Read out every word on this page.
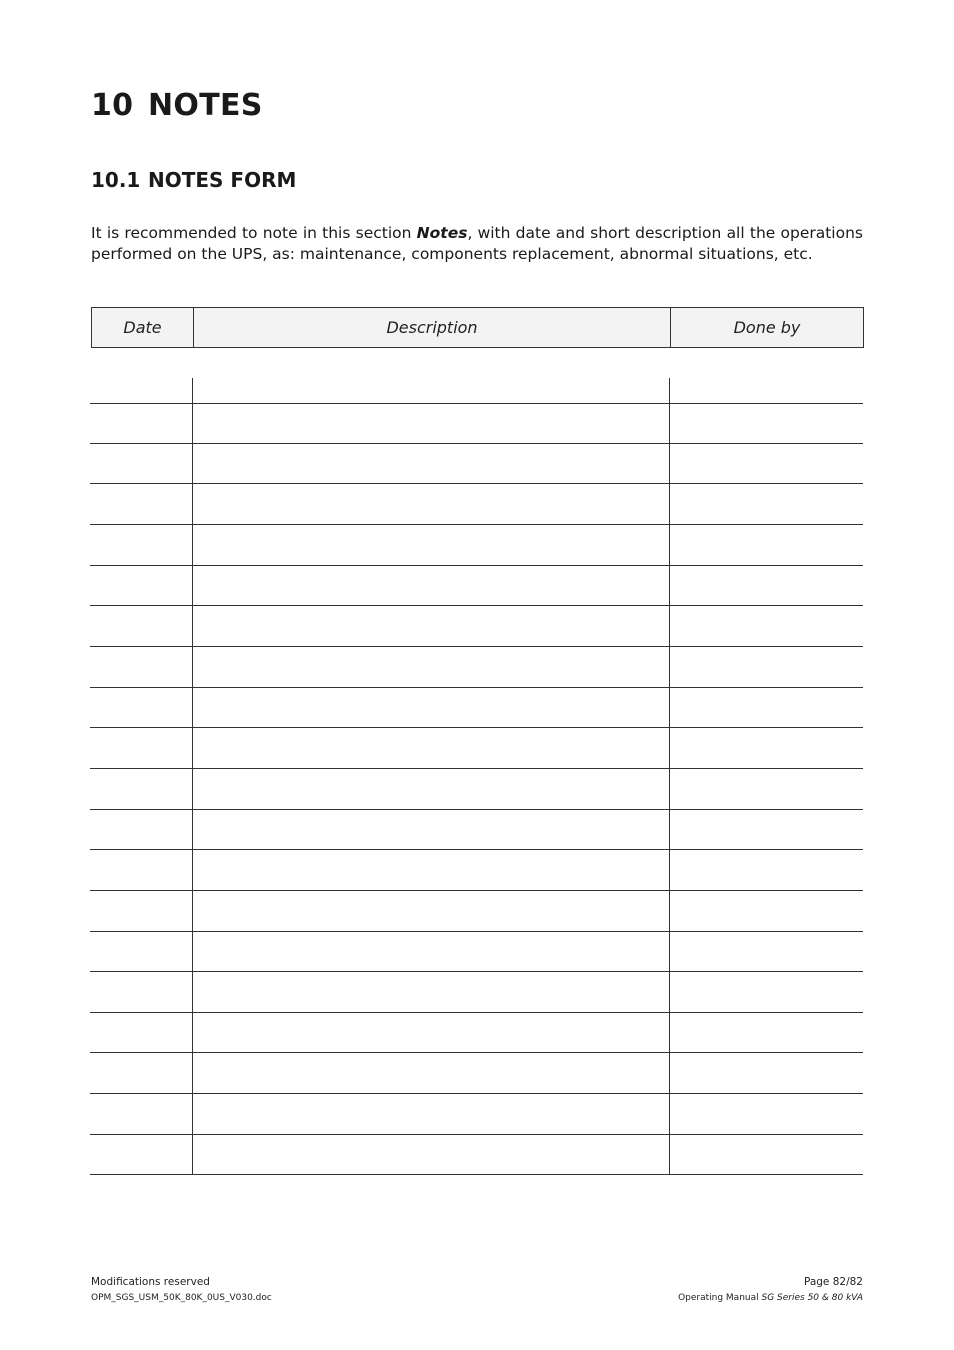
10 NOTES
10.1 NOTES FORM

It is recommended to note in this section Notes, with date and short description all the operations performed on the UPS, as: maintenance, components replacement, abnormal situations, etc.

Date	Description	Done by
Modifications reserved
OPM_SGS_USM_50K_80K_0US_V030.doc
Page 82/82
Operating Manual SG Series 50 & 80 kVA
